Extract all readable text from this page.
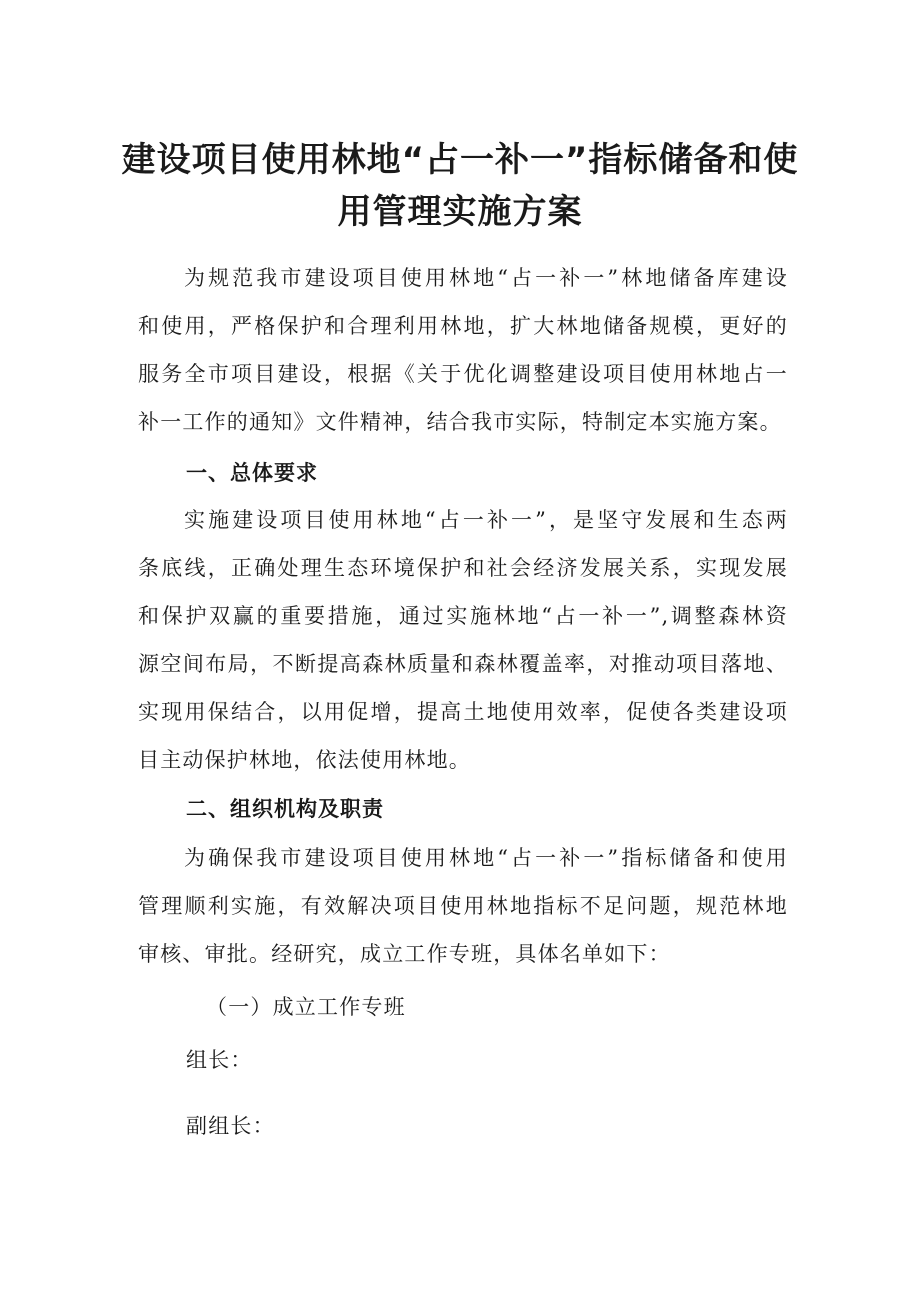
建设项目使用林地“占一补一”指标储备和使
用管理实施方案

为规范我市建设项目使用林地“占一补一”林地储备库建设
和使用，严格保护和合理利用林地，扩大林地储备规模，更好的
服务全市项目建设，根据《关于优化调整建设项目使用林地占一
补一工作的通知》文件精神，结合我市实际，特制定本实施方案。

一、总体要求

实施建设项目使用林地“占一补一”，是坚守发展和生态两
条底线，正确处理生态环境保护和社会经济发展关系，实现发展
和保护双赢的重要措施，通过实施林地“占一补一”,调整森林资
源空间布局，不断提高森林质量和森林覆盖率，对推动项目落地、
实现用保结合，以用促增，提高土地使用效率，促使各类建设项
目主动保护林地，依法使用林地。

二、组织机构及职责

为确保我市建设项目使用林地“占一补一”指标储备和使用
管理顺利实施，有效解决项目使用林地指标不足问题，规范林地
审核、审批。经研究，成立工作专班，具体名单如下：

（一）成立工作专班

组长：

副组长：
